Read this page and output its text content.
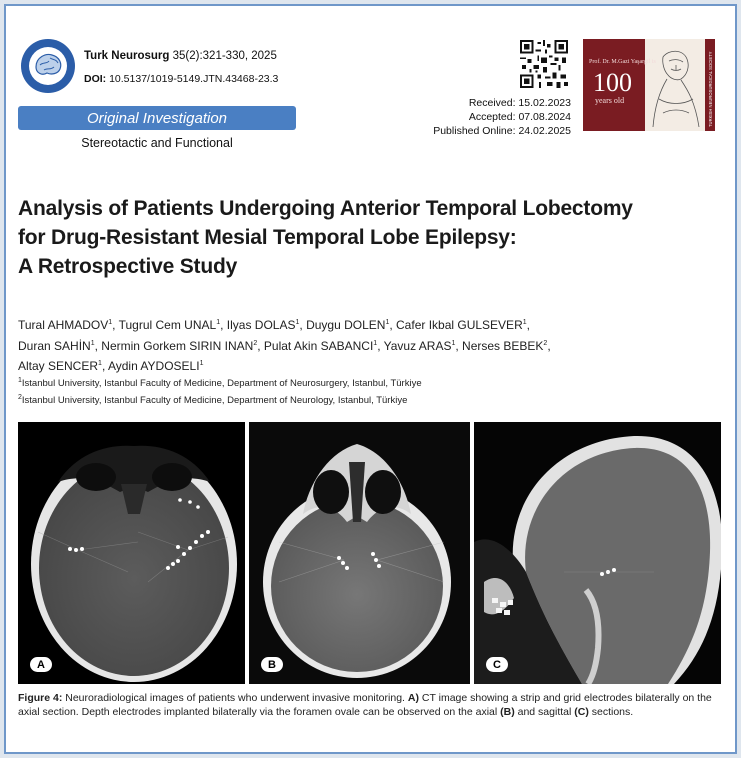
Turk Neurosurg 35(2):321-330, 2025
DOI: 10.5137/1019-5149.JTN.43468-23.3
Original Investigation
Stereotactic and Functional
Received: 15.02.2023
Accepted: 07.08.2024
Published Online: 24.02.2025
Prof. Dr. M.Gazi Yaşargil is
100
years old	TURKISH NEUROSURGICAL SOCIETY
Analysis of Patients Undergoing Anterior Temporal Lobectomy
for Drug-Resistant Mesial Temporal Lobe Epilepsy:
A Retrospective Study
Tural AHMADOV$^1$, Tugrul Cem UNAL$^1$, Ilyas DOLAS$^1$, Duygu DOLEN$^1$, Cafer Ikbal GULSEVER$^1$,
Duran SAHİN$^1$, Nermin Gorkem SIRIN INAN$^2$, Pulat Akin SABANCI$^1$, Yavuz ARAS$^1$, Nerses BEBEK$^2$,
Altay SENCER$^1$, Aydin AYDOSELI$^1$
$^1$Istanbul University, Istanbul Faculty of Medicine, Department of Neurosurgery, Istanbul, Türkiye
$^2$Istanbul University, Istanbul Faculty of Medicine, Department of Neurology, Istanbul, Türkiye
A	B	C

Figure 4: Neuroradiological images of patients who underwent invasive monitoring. A) CT image showing a strip and grid electrodes bilaterally on the axial section. Depth electrodes implanted bilaterally via the foramen ovale can be observed on the axial (B) and sagittal (C) sections.
